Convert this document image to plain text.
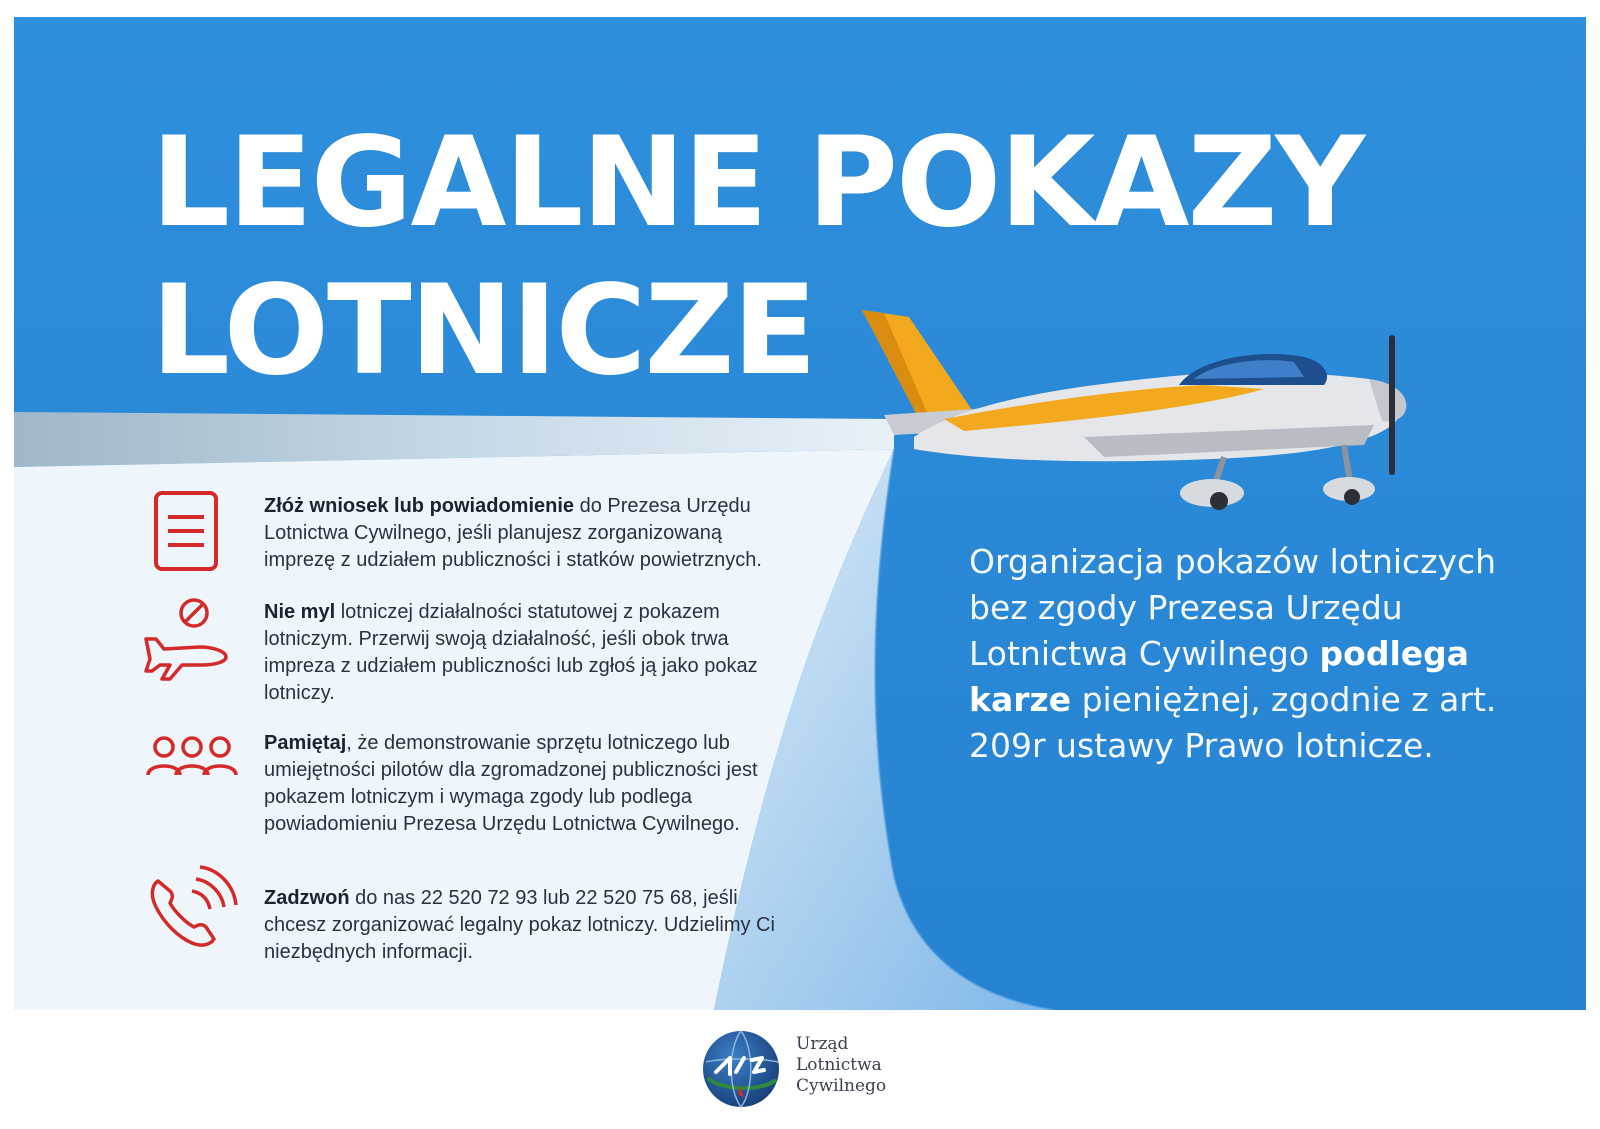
LEGALNE POKAZY
LOTNICZE

Złóż wniosek lub powiadomienie do Prezesa Urzędu Lotnictwa Cywilnego, jeśli planujesz zorganizowaną imprezę z udziałem publiczności i statków powietrznych.

Nie myl lotniczej działalności statutowej z pokazem lotniczym. Przerwij swoją działalność, jeśli obok trwa impreza z udziałem publiczności lub zgłoś ją jako pokaz lotniczy.

Pamiętaj, że demonstrowanie sprzętu lotniczego lub umiejętności pilotów dla zgromadzonej publiczności jest pokazem lotniczym i wymaga zgody lub podlega powiadomieniu Prezesa Urzędu Lotnictwa Cywilnego.

Zadzwoń do nas 22 520 72 93 lub 22 520 75 68, jeśli chcesz zorganizować legalny pokaz lotniczy. Udzielimy Ci niezbędnych informacji.

Organizacja pokazów lotniczych bez zgody Prezesa Urzędu Lotnictwa Cywilnego podlega karze pieniężnej, zgodnie z art. 209r ustawy Prawo lotnicze.

Urząd
Lotnictwa
Cywilnego
